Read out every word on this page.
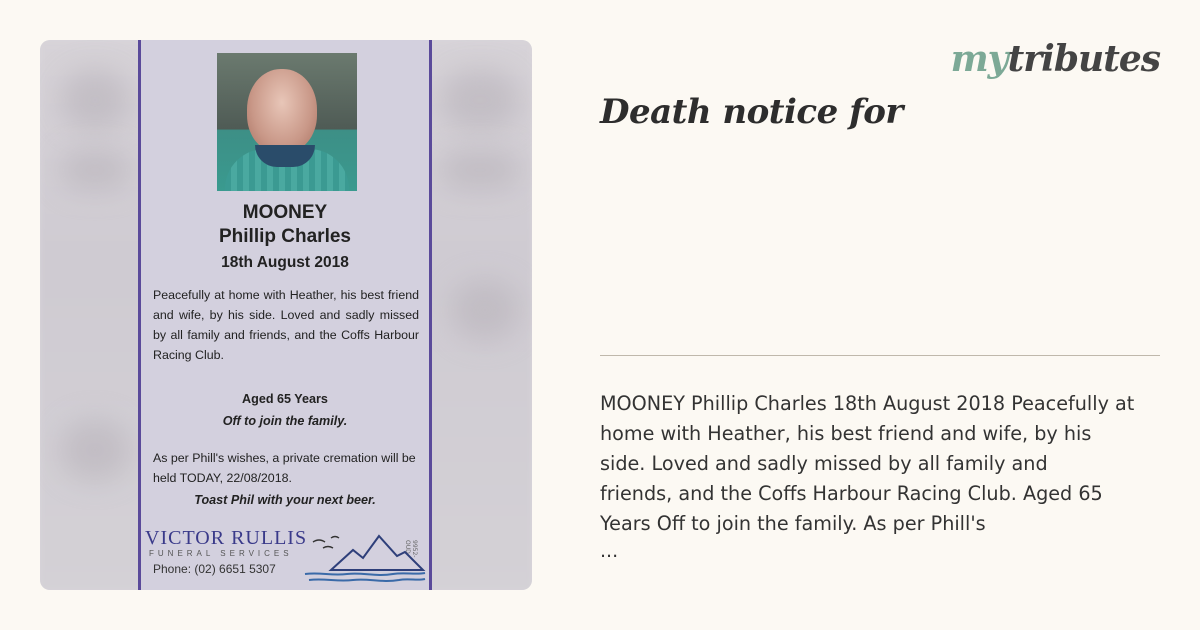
mytributes
Death notice for
MOONEY
Phillip Charles
18th August 2018
Peacefully at home with Heather, his best friend and wife, by his side. Loved and sadly missed by all family and friends, and the Coffs Harbour Racing Club.
Aged 65 Years
Off to join the family.
As per Phill's wishes, a private cremation will be held TODAY, 22/08/2018.
Toast Phil with your next beer.
9952-OUD
VICTOR RULLIS
FUNERAL SERVICES
Phone: (02) 6651 5307
MOONEY Phillip Charles 18th August 2018 Peacefully at
home with Heather, his best friend and wife, by his
side. Loved and sadly missed by all family and
friends, and the Coffs Harbour Racing Club. Aged 65
Years Off to join the family. As per Phill's
...
